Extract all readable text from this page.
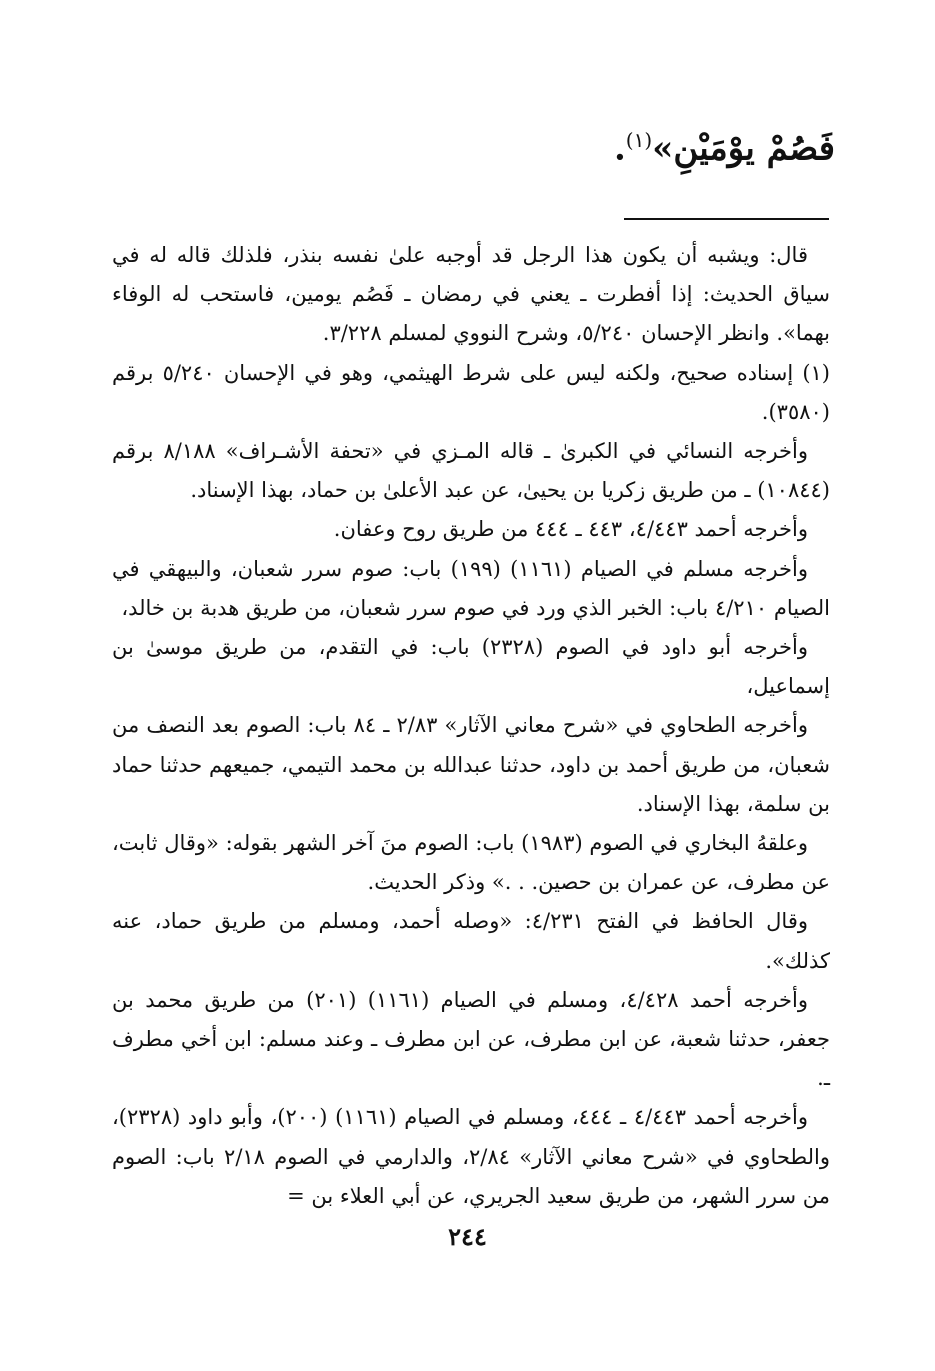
فَصُمْ يوْمَيْنِ»$^{(١)}$.

قال: ويشبه أن يكون هذا الرجل قد أوجبه علىٰ نفسه بنذر، فلذلك قاله له في سياق الحديث: إذا أفطرت ـ يعني في رمضان ـ فَصُم يومين، فاستحب له الوفاء بهما». وانظر الإحسان ٥/٢٤٠، وشرح النووي لمسلم ٣/٢٢٨.

(١) إسناده صحيح، ولكنه ليس على شرط الهيثمي، وهو في الإحسان ٥/٢٤٠ برقم (٣٥٨٠).

وأخرجه النسائي في الكبرىٰ ـ قاله المـزي في «تحفة الأشـراف» ٨/١٨٨ برقم (١٠٨٤٤) ـ من طريق زكريا بن يحيىٰ، عن عبد الأعلىٰ بن حماد، بهذا الإسناد.

وأخرجه أحمد ٤/٤٤٣، ٤٤٣ ـ ٤٤٤ من طريق روح وعفان.

وأخرجه مسلم في الصيام (١١٦١) (١٩٩) باب: صوم سرر شعبان، والبيهقي في الصيام ٤/٢١٠ باب: الخبر الذي ورد في صوم سرر شعبان، من طريق هدبة بن خالد،

وأخرجه أبو داود في الصوم (٢٣٢٨) باب: في التقدم، من طريق موسىٰ بن إسماعيل،

وأخرجه الطحاوي في «شرح معاني الآثار» ٢/٨٣ ـ ٨٤ باب: الصوم بعد النصف من شعبان، من طريق أحمد بن داود، حدثنا عبدالله بن محمد التيمي، جميعهم حدثنا حماد بن سلمة، بهذا الإسناد.

وعلقهُ البخاري في الصوم (١٩٨٣) باب: الصوم منَ آخر الشهر بقوله: «وقال ثابت، عن مطرف، عن عمران بن حصين. . .» وذكر الحديث.

وقال الحافظ في الفتح ٤/٢٣١: «وصله أحمد، ومسلم من طريق حماد، عنه كذلك».

وأخرجه أحمد ٤/٤٢٨، ومسلم في الصيام (١١٦١) (٢٠١) من طريق محمد بن جعفر، حدثنا شعبة، عن ابن مطرف، عن ابن مطرف ـ وعند مسلم: ابن أخي مطرف ـ.

وأخرجه أحمد ٤/٤٤٣ ـ ٤٤٤، ومسلم في الصيام (١١٦١) (٢٠٠)، وأبو داود (٢٣٢٨)، والطحاوي في «شرح معاني الآثار» ٢/٨٤، والدارمي في الصوم ٢/١٨ باب: الصوم من سرر الشهر، من طريق سعيد الجريري، عن أبي العلاء بن =

٢٤٤
